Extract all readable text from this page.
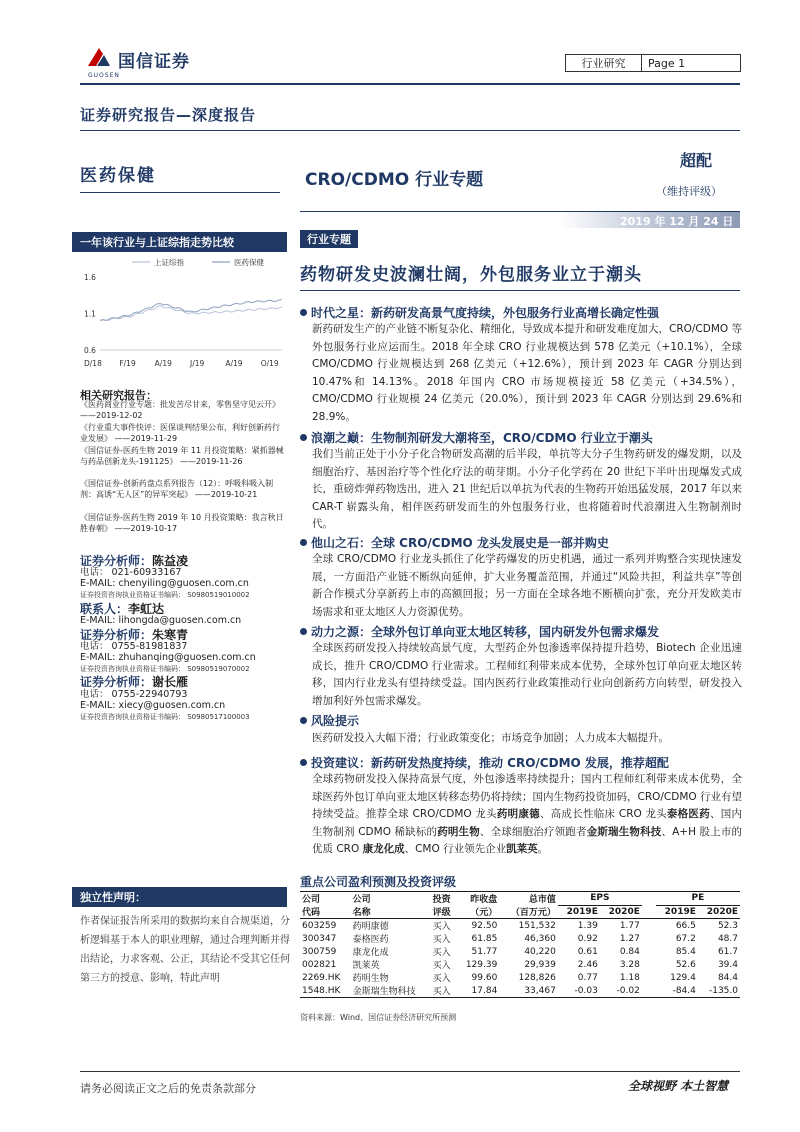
国信证券
GUOSEN
行业研究	Page 1
证券研究报告—深度报告
医药保健	CRO/CDMO 行业专题
超配
（维持评级）
2019 年 12 月 24 日
一年该行业与上证综指走势比较
上证综指	医药保健
1.6
1.1
0.6
D/18 F/19	A/19 J/19	A/19 O/19
相关研究报告：
《医药商业行业专题：批发苦尽甘来，零售坚守见云开》 ——2019-12-02
《行业重大事件快评：医保谈判结果公布，利好创新药行业发展》 ——2019-11-29
《国信证券-医药生物 2019 年 11 月投资策略：紧抓器械与药品创新龙头-191125》 ——2019-11-26
《国信证券-创新药盘点系列报告（12）：呼吸科吸入制剂：高诱“无人区”的异军突起》 ——2019-10-21
《国信证券-医药生物 2019 年 10 月投资策略：我言秋日胜春朝》 ——2019-10-17
证券分析师：陈益凌
电话： 021-60933167
E-MAIL: chenyiling@guosen.com.cn
证券投资咨询执业资格证书编码： S0980519010002
联系人：李虹达
E-MAIL: lihongda@guosen.com.cn
证券分析师：朱寒青
电话： 0755-81981837
E-MAIL: zhuhanqing@guosen.com.cn
证券投资咨询执业资格证书编码： S0980519070002
证券分析师：谢长雁
电话： 0755-22940793
E-MAIL: xiecy@guosen.com.cn
证券投资咨询执业资格证书编码： S0980517100003
独立性声明：
作者保证报告所采用的数据均来自合规渠道，分析逻辑基于本人的职业理解，通过合理判断并得出结论，力求客观、公正，其结论不受其它任何第三方的授意、影响，特此声明
行业专题
药物研发史波澜壮阔，外包服务业立于潮头
时代之星：新药研发高景气度持续，外包服务行业高增长确定性强
新药研发生产的产业链不断复杂化、精细化，导致成本提升和研发难度加大，CRO/CDMO 等外包服务行业应运而生。2018 年全球 CRO 行业规模达到 578 亿美元（+10.1%），全球 CMO/CDMO 行业规模达到 268 亿美元（+12.6%），预计到 2023 年 CAGR 分别达到 10.47%和 14.13%。2018 年国内 CRO 市场规模接近 58 亿美元（+34.5%）， CMO/CDMO 行业规模 24 亿美元（20.0%），预计到 2023 年 CAGR 分别达到 29.6%和 28.9%。
浪潮之巅：生物制剂研发大潮将至，CRO/CDMO 行业立于潮头
我们当前正处于小分子化合物研发高潮的后半段，单抗等大分子生物药研发的爆发期，以及细胞治疗、基因治疗等个性化疗法的萌芽期。小分子化学药在 20 世纪下半叶出现爆发式成长，重磅炸弹药物迭出，进入 21 世纪后以单抗为代表的生物药开始迅猛发展，2017 年以来 CAR-T 崭露头角，相伴医药研发而生的外包服务行业，也将随着时代浪潮进入生物制剂时代。
他山之石：全球 CRO/CDMO 龙头发展史是一部并购史
全球 CRO/CDMO 行业龙头抓住了化学药爆发的历史机遇，通过一系列并购整合实现快速发展，一方面沿产业链不断纵向延伸，扩大业务覆盖范围，并通过“风险共担，利益共享”等创新合作模式分享新药上市的高额回报；另一方面在全球各地不断横向扩张，充分开发欧美市场需求和亚太地区人力资源优势。
动力之源：全球外包订单向亚太地区转移，国内研发外包需求爆发
全球医药研发投入持续较高景气度，大型药企外包渗透率保持提升趋势，Biotech 企业迅速成长，推升 CRO/CDMO 行业需求。工程师红利带来成本优势，全球外包订单向亚太地区转移，国内行业龙头有望持续受益。国内医药行业政策推动行业向创新药方向转型，研发投入增加利好外包需求爆发。
风险提示
医药研发投入大幅下滑；行业政策变化；市场竞争加剧；人力成本大幅提升。
投资建议：新药研发热度持续，推动 CRO/CDMO 发展，推荐超配
全球药物研发投入保持高景气度，外包渗透率持续提升；国内工程师红利带来成本优势，全球医药外包订单向亚太地区转移态势仍将持续；国内生物药投资加码，CRO/CDMO 行业有望持续受益。推荐全球 CRO/CDMO 龙头药明康德、高成长性临床 CRO 龙头泰格医药、国内生物制剂 CDMO 稀缺标的药明生物、全球细胞治疗领跑者金斯瑞生物科技、A+H 股上市的优质 CRO 康龙化成、CMO 行业领先企业凯莱英。
重点公司盈利预测及投资评级
公司	公司	投资	昨收盘	总市值	EPS			PE	
代码	名称	评级	（元）	（百万元）	2019E	2020E		2019E	2020E
603259	药明康德	买入	92.50	151,532	1.39	1.77		66.5	52.3
300347	泰格医药	买入	61.85	46,360	0.92	1.27		67.2	48.7
300759	康龙化成	买入	51.77	40,220	0.61	0.84		85.4	61.7
002821	凯莱英	买入	129.39	29,939	2.46	3.28		52.6	39.4
2269.HK	药明生物	买入	99.60	128,826	0.77	1.18		129.4	84.4
1548.HK	金斯瑞生物科技	买入	17.84	33,467	-0.03	-0.02		-84.4	-135.0
资料来源：Wind、国信证券经济研究所预测
请务必阅读正文之后的免责条款部分	全球视野 本土智慧
